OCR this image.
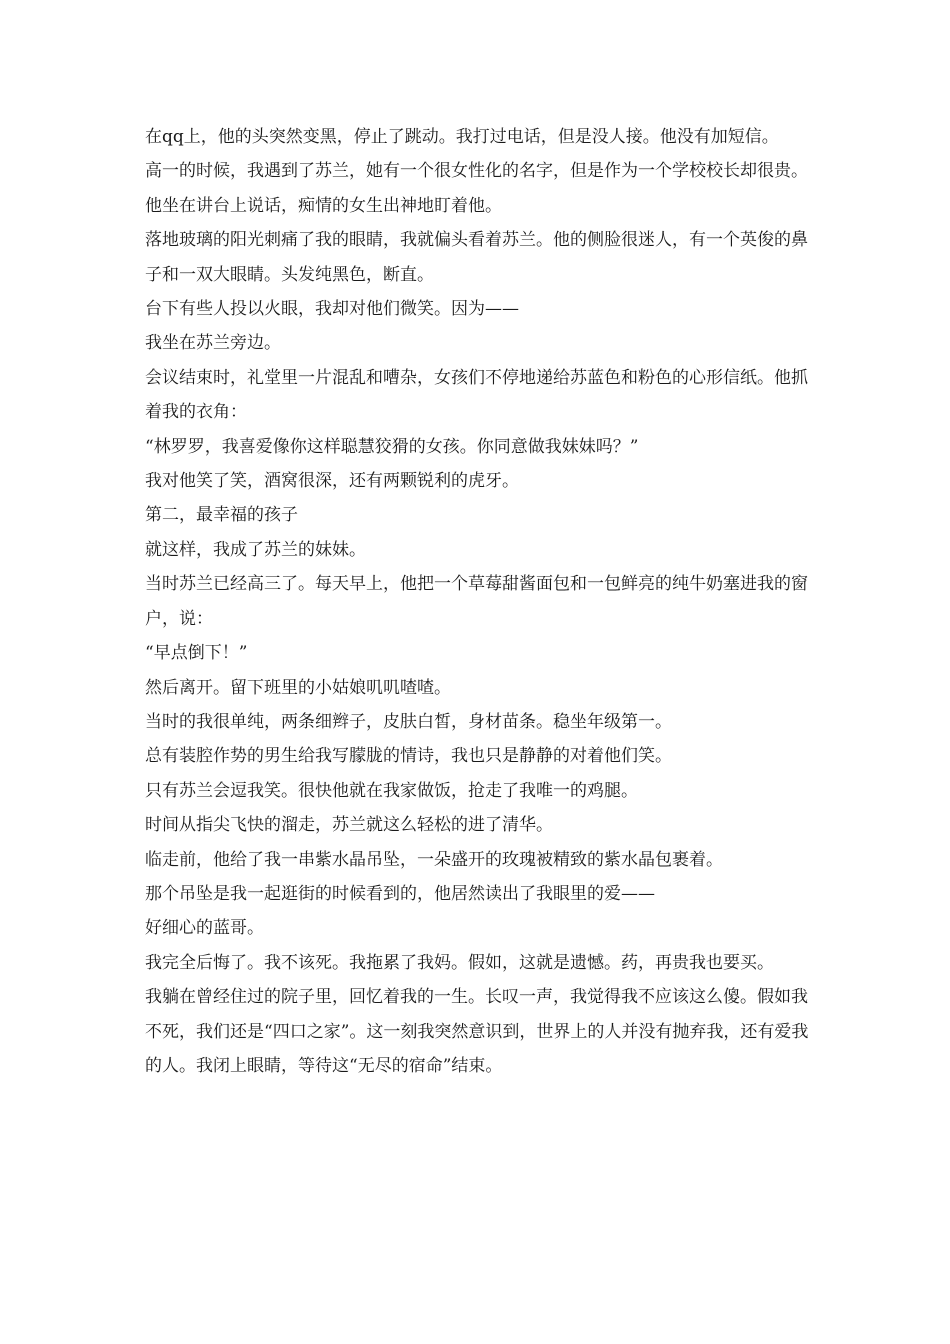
在qq上，他的头突然变黑，停止了跳动。我打过电话，但是没人接。他没有加短信。

高一的时候，我遇到了苏兰，她有一个很女性化的名字，但是作为一个学校校长却很贵。

他坐在讲台上说话，痴情的女生出神地盯着他。

落地玻璃的阳光刺痛了我的眼睛，我就偏头看着苏兰。他的侧脸很迷人，有一个英俊的鼻子和一双大眼睛。头发纯黑色，断直。

台下有些人投以火眼，我却对他们微笑。因为——

我坐在苏兰旁边。

会议结束时，礼堂里一片混乱和嘈杂，女孩们不停地递给苏蓝色和粉色的心形信纸。他抓着我的衣角：

“林罗罗，我喜爱像你这样聪慧狡猾的女孩。你同意做我妹妹吗？”

我对他笑了笑，酒窝很深，还有两颗锐利的虎牙。

第二，最幸福的孩子

就这样，我成了苏兰的妹妹。

当时苏兰已经高三了。每天早上，他把一个草莓甜酱面包和一包鲜亮的纯牛奶塞进我的窗户，说：

“早点倒下！”

然后离开。留下班里的小姑娘叽叽喳喳。

当时的我很单纯，两条细辫子，皮肤白皙，身材苗条。稳坐年级第一。

总有装腔作势的男生给我写朦胧的情诗，我也只是静静的对着他们笑。

只有苏兰会逗我笑。很快他就在我家做饭，抢走了我唯一的鸡腿。

时间从指尖飞快的溜走，苏兰就这么轻松的进了清华。

临走前，他给了我一串紫水晶吊坠，一朵盛开的玫瑰被精致的紫水晶包裹着。

那个吊坠是我一起逛街的时候看到的，他居然读出了我眼里的爱——

好细心的蓝哥。

我完全后悔了。我不该死。我拖累了我妈。假如，这就是遗憾。药，再贵我也要买。

我躺在曾经住过的院子里，回忆着我的一生。长叹一声，我觉得我不应该这么傻。假如我不死，我们还是“四口之家”。这一刻我突然意识到，世界上的人并没有抛弃我，还有爱我的人。我闭上眼睛，等待这“无尽的宿命”结束。
